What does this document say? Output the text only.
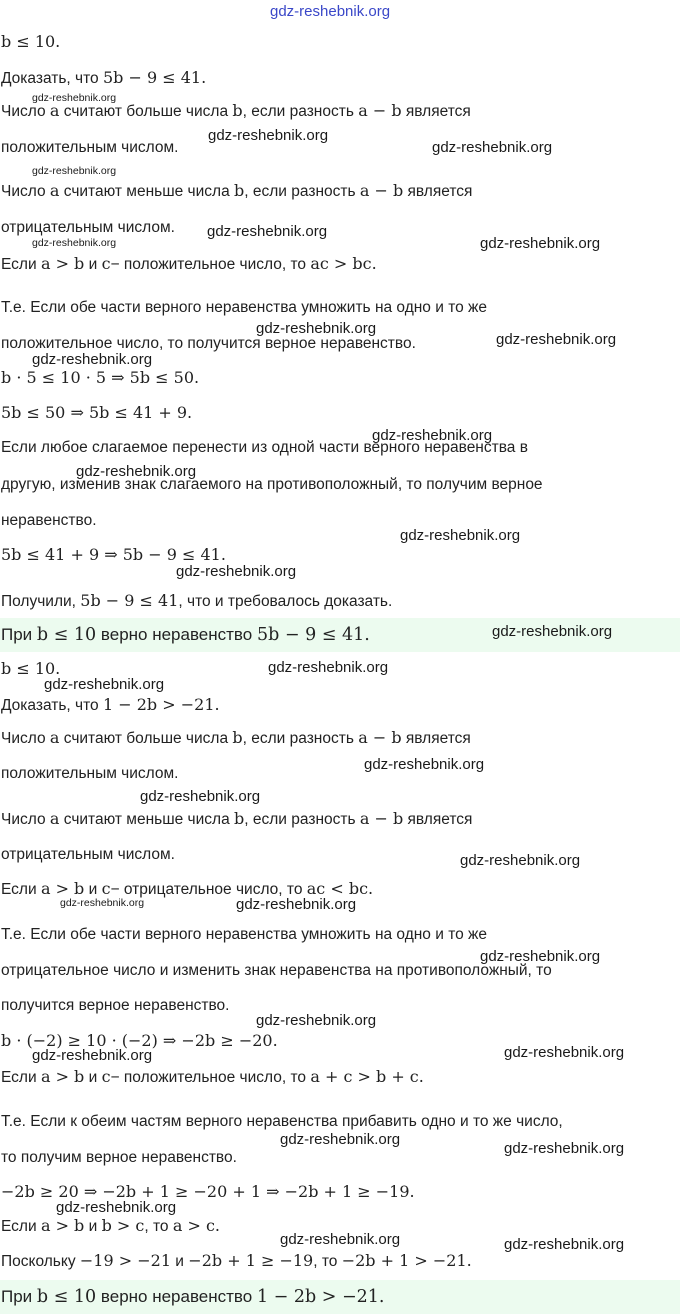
gdz-reshebnik.org
b ≤ 10.
Доказать, что 5b − 9 ≤ 41.
gdz-reshebnik.org
Число a считают больше числа b, если разность a − b является
положительным числом.
gdz-reshebnik.org
gdz-reshebnik.org
gdz-reshebnik.org
Число a считают меньше числа b, если разность a − b является
отрицательным числом.	gdz-reshebnik.org
gdz-reshebnik.org	gdz-reshebnik.org
Если a > b и c− положительное число, то ac > bc.
Т.е. Если обе части верного неравенства умножить на одно и то же
gdz-reshebnik.org
положительное число, то получится верное неравенство.	gdz-reshebnik.org
gdz-reshebnik.org
b · 5 ≤ 10 · 5 ⇒ 5b ≤ 50.
5b ≤ 50 ⇒ 5b ≤ 41 + 9.
gdz-reshebnik.org
Если любое слагаемое перенести из одной части верного неравенства в
gdz-reshebnik.org
другую, изменив знак слагаемого на противоположный, то получим верное
неравенство.
gdz-reshebnik.org
5b ≤ 41 + 9 ⇒ 5b − 9 ≤ 41.
gdz-reshebnik.org
Получили, 5b − 9 ≤ 41, что и требовалось доказать.
При b ≤ 10 верно неравенство 5b − 9 ≤ 41.	gdz-reshebnik.org
b ≤ 10.	gdz-reshebnik.org
gdz-reshebnik.org
Доказать, что 1 − 2b > −21.
Число a считают больше числа b, если разность a − b является
положительным числом.
gdz-reshebnik.org
gdz-reshebnik.org
Число a считают меньше числа b, если разность a − b является
отрицательным числом.	gdz-reshebnik.org
Если a > b и c− отрицательное число, то ac < bc.
gdz-reshebnik.org	gdz-reshebnik.org
Т.е. Если обе части верного неравенства умножить на одно и то же
gdz-reshebnik.org
отрицательное число и изменить знак неравенства на противоположный, то
получится верное неравенство.
gdz-reshebnik.org
b · (−2) ≥ 10 · (−2) ⇒ −2b ≥ −20.
gdz-reshebnik.org	gdz-reshebnik.org
Если a > b и c− положительное число, то a + c > b + c.
Т.е. Если к обеим частям верного неравенства прибавить одно и то же число,
gdz-reshebnik.org
gdz-reshebnik.org
то получим верное неравенство.
−2b ≥ 20 ⇒ −2b + 1 ≥ −20 + 1 ⇒ −2b + 1 ≥ −19.
Если a > b и b > c, то a > c.
gdz-reshebnik.org
gdz-reshebnik.org	gdz-reshebnik.org
Поскольку −19 > −21 и −2b + 1 ≥ −19, то −2b + 1 > −21.
При b ≤ 10 верно неравенство 1 − 2b > −21.
